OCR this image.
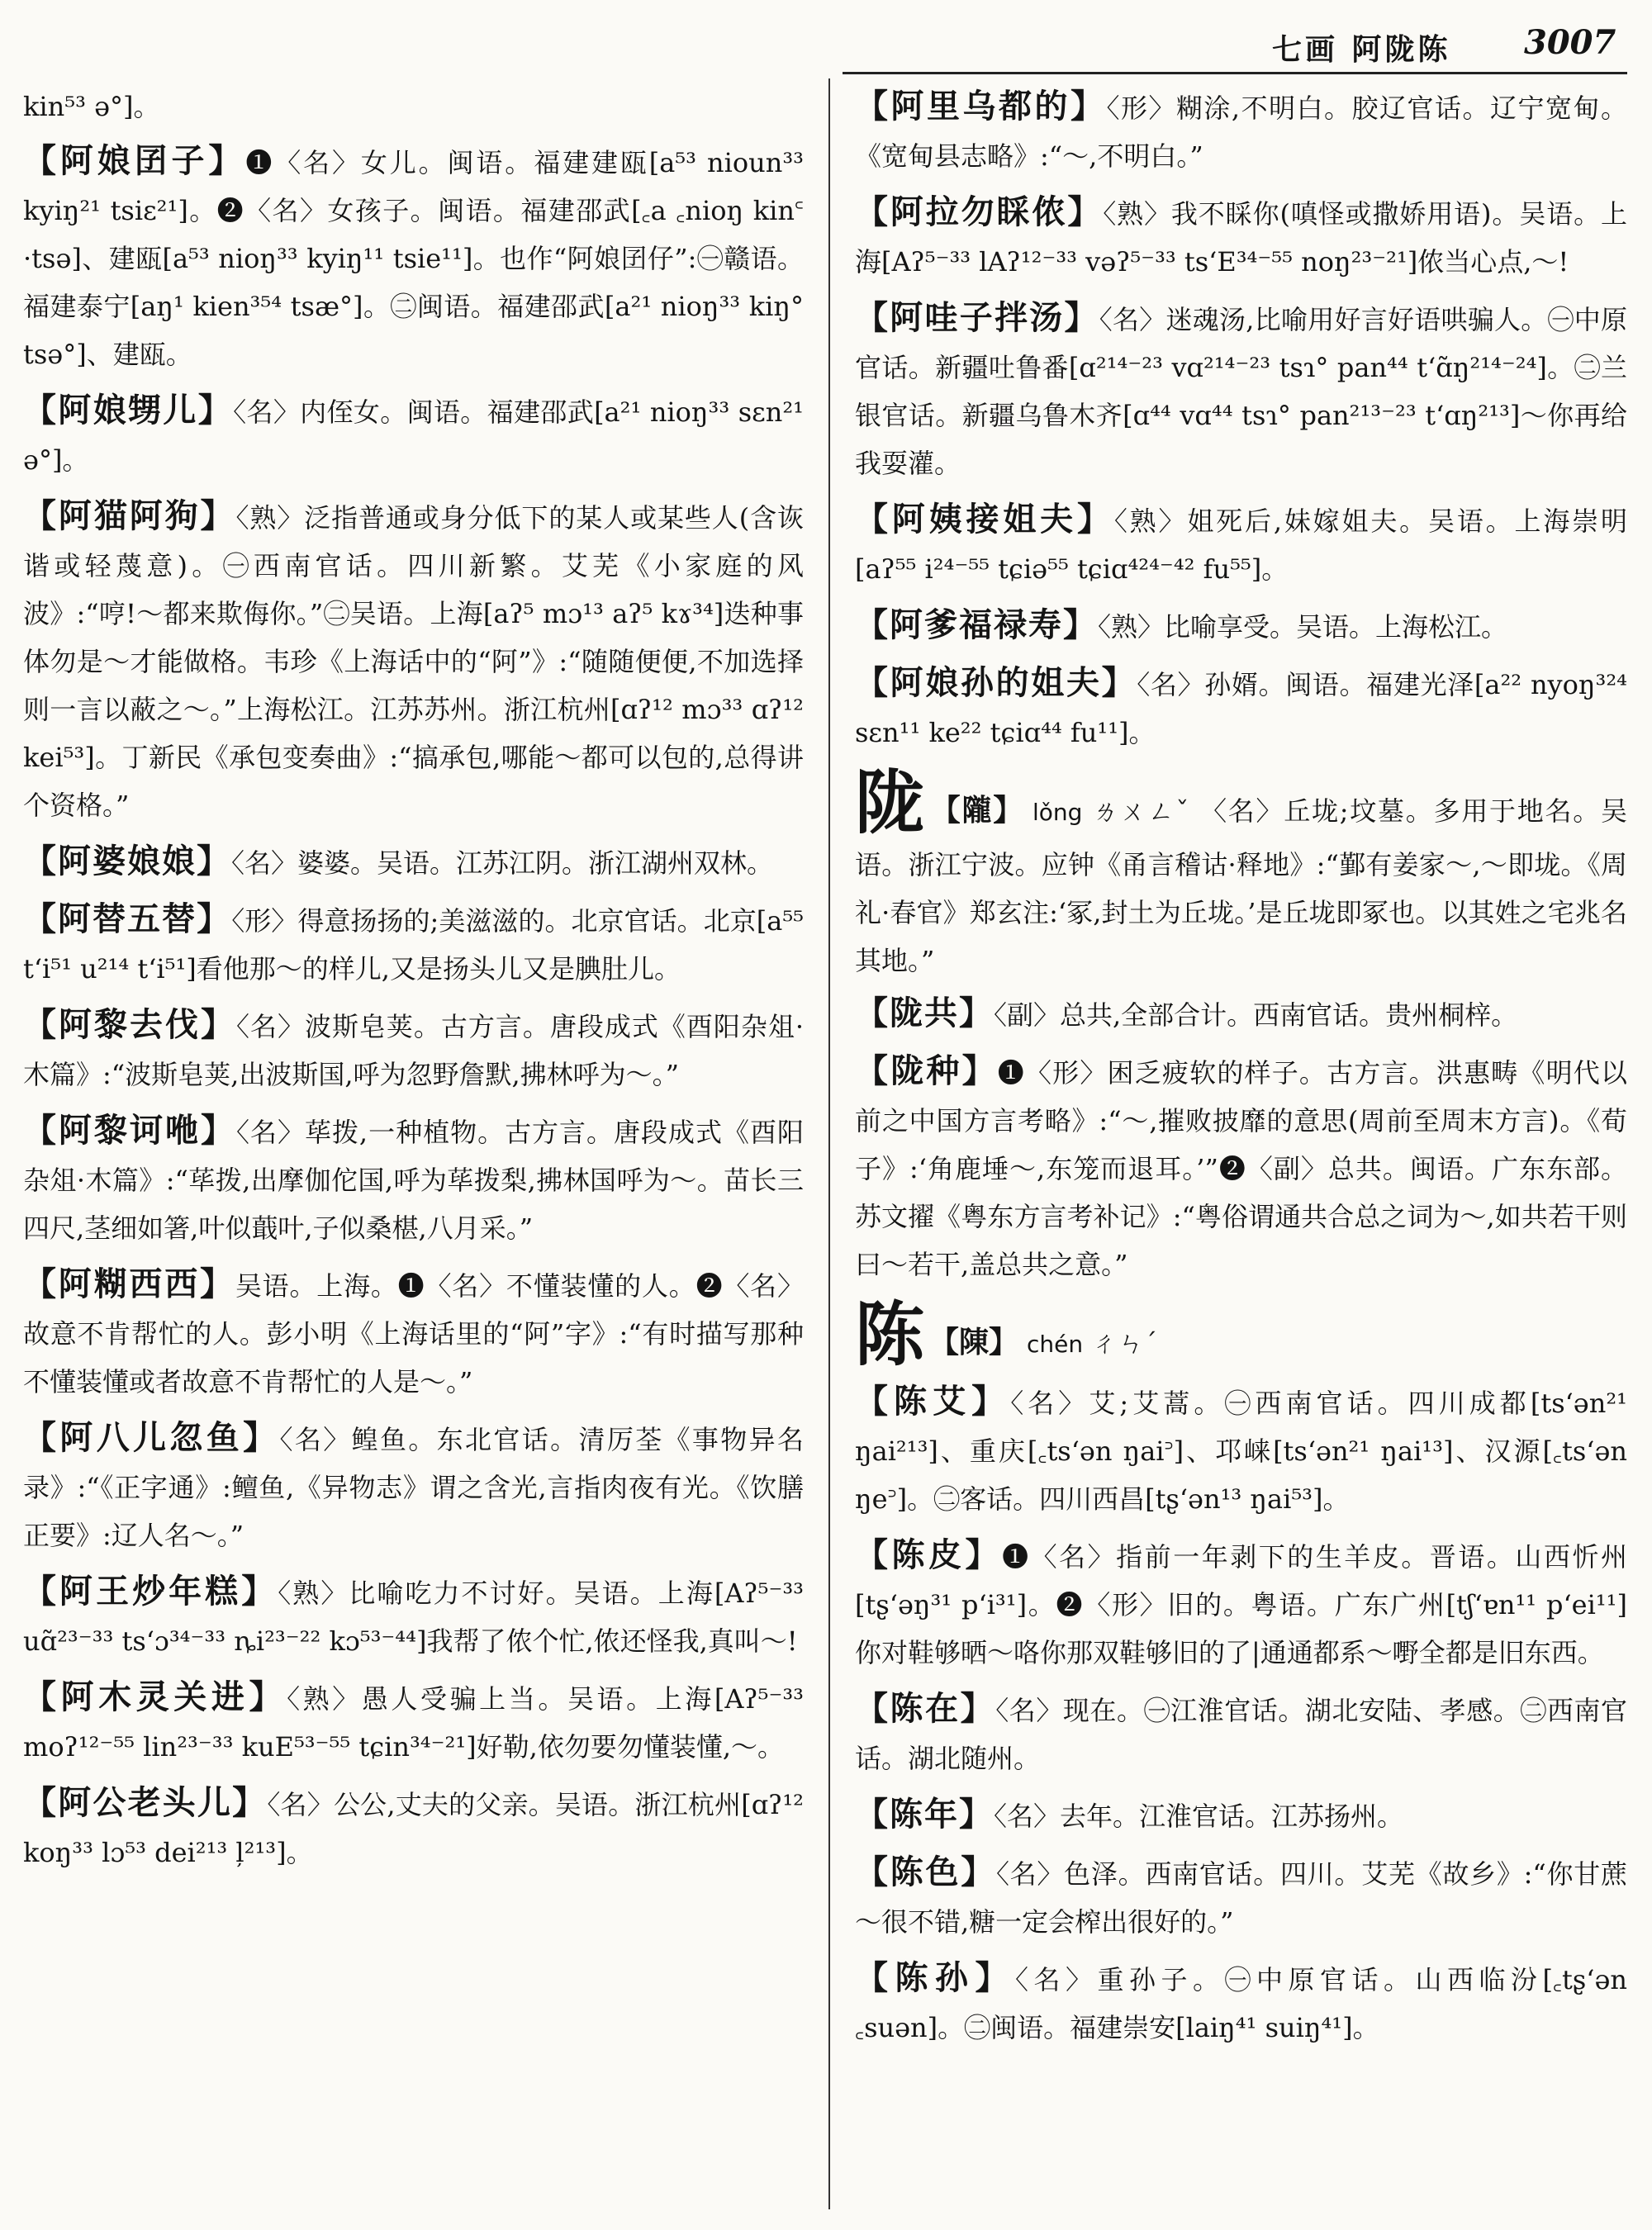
七画 阿陇陈 3007

kin⁵³ ə°]。

【阿娘囝子】❶〈名〉女儿。闽语。福建建瓯[a⁵³ nioun³³ kyiŋ²¹ tsiɛ²¹]。❷〈名〉女孩子。闽语。福建邵武[꜀a ꜀nioŋ kin꜂ ·tsə]、建瓯[a⁵³ nioŋ³³ kyiŋ¹¹ tsie¹¹]。也作“阿娘囝仔”:㊀赣语。福建泰宁[aŋ¹ kien³⁵⁴ tsæ°]。㊁闽语。福建邵武[a²¹ nioŋ³³ kiŋ° tsə°]、建瓯。

【阿娘甥儿】〈名〉内侄女。闽语。福建邵武[a²¹ nioŋ³³ sɛn²¹ ə°]。

【阿猫阿狗】〈熟〉泛指普通或身分低下的某人或某些人(含诙谐或轻蔑意)。㊀西南官话。四川新繁。艾芜《小家庭的风波》:“哼!～都来欺侮你。”㊁吴语。上海[aʔ⁵ mɔ¹³ aʔ⁵ kɤ³⁴]迭种事体勿是～才能做格。韦珍《上海话中的“阿”》:“随随便便,不加选择则一言以蔽之～。”上海松江。江苏苏州。浙江杭州[ɑʔ¹² mɔ³³ ɑʔ¹² kei⁵³]。丁新民《承包变奏曲》:“搞承包,哪能～都可以包的,总得讲个资格。”

【阿婆娘娘】〈名〉婆婆。吴语。江苏江阴。浙江湖州双林。

【阿替五替】〈形〉得意扬扬的;美滋滋的。北京官话。北京[a⁵⁵ t‘i⁵¹ u²¹⁴ t‘i⁵¹]看他那～的样儿,又是扬头儿又是腆肚儿。

【阿黎去伐】〈名〉波斯皂荚。古方言。唐段成式《酉阳杂俎·木篇》:“波斯皂荚,出波斯国,呼为忽野詹默,拂林呼为～。”

【阿黎诃咃】〈名〉荜拨,一种植物。古方言。唐段成式《酉阳杂俎·木篇》:“荜拨,出摩伽佗国,呼为荜拨梨,拂林国呼为～。苗长三四尺,茎细如箸,叶似蕺叶,子似桑椹,八月采。”

【阿糊西西】吴语。上海。❶〈名〉不懂装懂的人。❷〈名〉故意不肯帮忙的人。彭小明《上海话里的“阿”字》:“有时描写那种不懂装懂或者故意不肯帮忙的人是～。”

【阿八儿忽鱼】〈名〉鳇鱼。东北官话。清厉荃《事物异名录》:“《正字通》:鳣鱼,《异物志》谓之含光,言指肉夜有光。《饮膳正要》:辽人名～。”

【阿王炒年糕】〈熟〉比喻吃力不讨好。吴语。上海[Aʔ⁵⁻³³ uɑ̃²³⁻³³ ts‘ɔ³⁴⁻³³ ȵi²³⁻²² kɔ⁵³⁻⁴⁴]我帮了侬个忙,侬还怪我,真叫～!

【阿木灵关进】〈熟〉愚人受骗上当。吴语。上海[Aʔ⁵⁻³³ moʔ¹²⁻⁵⁵ lin²³⁻³³ kuE⁵³⁻⁵⁵ tɕin³⁴⁻²¹]好勒,依勿要勿懂装懂,～。

【阿公老头儿】〈名〉公公,丈夫的父亲。吴语。浙江杭州[ɑʔ¹² koŋ³³ lɔ⁵³ dei²¹³ ļ²¹³]。

【阿里乌都的】〈形〉糊涂,不明白。胶辽官话。辽宁宽甸。《宽甸县志略》:“～,不明白。”

【阿拉勿睬侬】〈熟〉我不睬你(嗔怪或撒娇用语)。吴语。上海[Aʔ⁵⁻³³ lAʔ¹²⁻³³ vəʔ⁵⁻³³ ts‘E³⁴⁻⁵⁵ noŋ²³⁻²¹]侬当心点,～!

【阿哇子拌汤】〈名〉迷魂汤,比喻用好言好语哄骗人。㊀中原官话。新疆吐鲁番[ɑ²¹⁴⁻²³ vɑ²¹⁴⁻²³ tsɿ° pan⁴⁴ t‘ɑ̃ŋ²¹⁴⁻²⁴]。㊁兰银官话。新疆乌鲁木齐[ɑ⁴⁴ vɑ⁴⁴ tsɿ° pan²¹³⁻²³ t‘ɑŋ²¹³]～你再给我耍灌。

【阿姨接姐夫】〈熟〉姐死后,妹嫁姐夫。吴语。上海崇明[aʔ⁵⁵ i²⁴⁻⁵⁵ tɕiə⁵⁵ tɕiɑ⁴²⁴⁻⁴² fu⁵⁵]。

【阿爹福禄寿】〈熟〉比喻享受。吴语。上海松江。

【阿娘孙的姐夫】〈名〉孙婿。闽语。福建光泽[a²² nyoŋ³²⁴ sɛn¹¹ ke²² tɕiɑ⁴⁴ fu¹¹]。

陇 【隴】 lǒng ㄌㄨㄥˇ 〈名〉丘垅;坟墓。多用于地名。吴语。浙江宁波。应钟《甬言稽诂·释地》:“鄞有姜家～,～即垅。《周礼·春官》郑玄注:‘冢,封土为丘垅。’是丘垅即冢也。以其姓之宅兆名其地。”

【陇共】〈副〉总共,全部合计。西南官话。贵州桐梓。

【陇种】❶〈形〉困乏疲软的样子。古方言。洪惠畴《明代以前之中国方言考略》:“～,摧败披靡的意思(周前至周末方言)。《荀子》:‘角鹿埵～,东笼而退耳。’”❷〈副〉总共。闽语。广东东部。苏文擢《粤东方言考补记》:“粤俗谓通共合总之词为～,如共若干则曰～若干,盖总共之意。”

陈 【陳】 chén ㄔㄣˊ

【陈艾】〈名〉艾;艾蒿。㊀西南官话。四川成都[ts‘ən²¹ ŋai²¹³]、重庆[꜀ts‘ən ŋai꜄]、邛崃[ts‘ən²¹ ŋai¹³]、汉源[꜀ts‘ən ŋe꜄]。㊁客话。四川西昌[tʂ‘ən¹³ ŋai⁵³]。

【陈皮】❶〈名〉指前一年剥下的生羊皮。晋语。山西忻州[tʂ‘əŋ³¹ p‘i³¹]。❷〈形〉旧的。粤语。广东广州[tʃ‘ɐn¹¹ p‘ei¹¹]你对鞋够晒～咯你那双鞋够旧的了|通通都系～嘢全都是旧东西。

【陈在】〈名〉现在。㊀江淮官话。湖北安陆、孝感。㊁西南官话。湖北随州。

【陈年】〈名〉去年。江淮官话。江苏扬州。

【陈色】〈名〉色泽。西南官话。四川。艾芜《故乡》:“你甘蔗～很不错,糖一定会榨出很好的。”

【陈孙】〈名〉重孙子。㊀中原官话。山西临汾[꜀tʂ‘ən ꜀suən]。㊁闽语。福建崇安[laiŋ⁴¹ suiŋ⁴¹]。
